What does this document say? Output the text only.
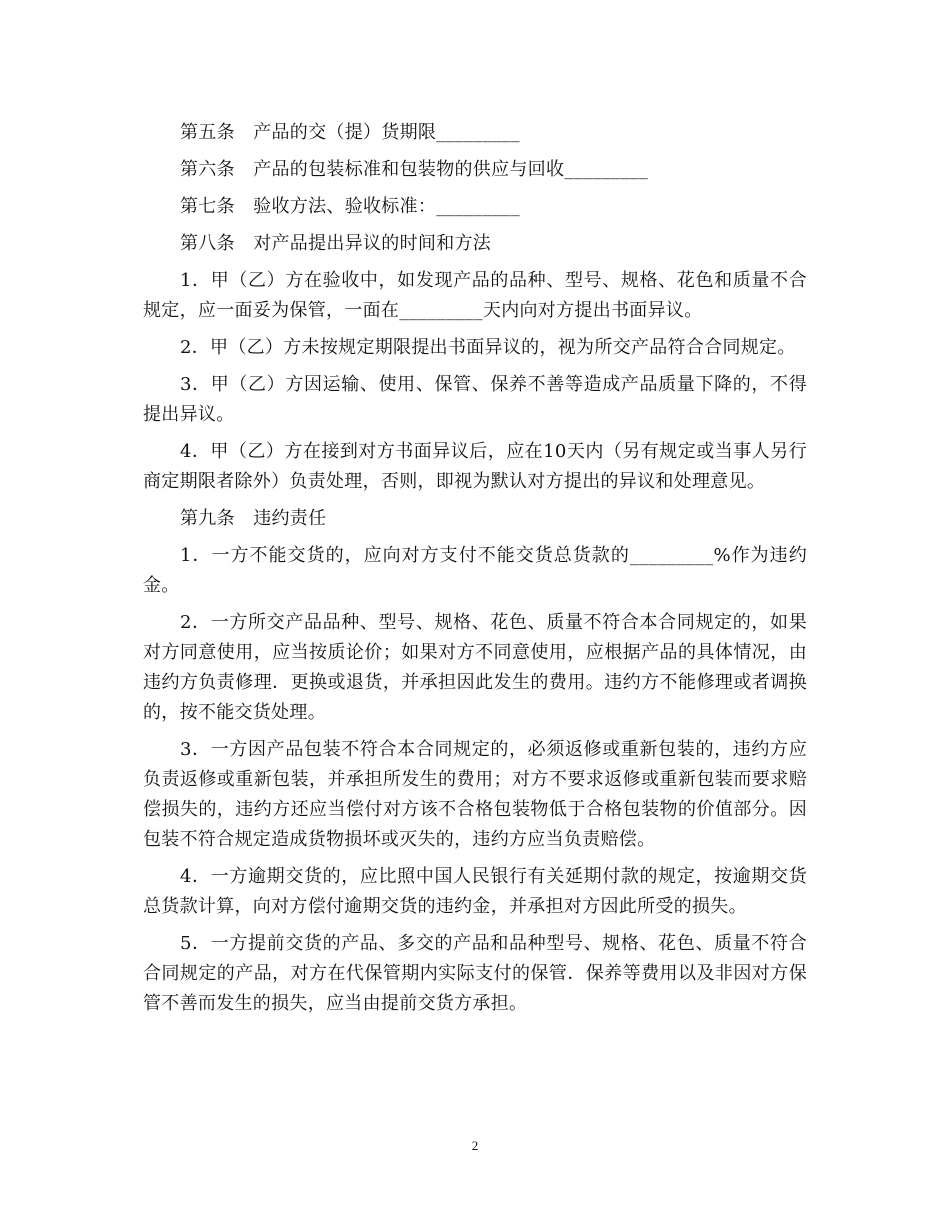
第五条　产品的交（提）货期限_________

第六条　产品的包装标准和包装物的供应与回收_________

第七条　验收方法、验收标准：_________

第八条　对产品提出异议的时间和方法

1．甲（乙）方在验收中，如发现产品的品种、型号、规格、花色和质量不合规定，应一面妥为保管，一面在_________天内向对方提出书面异议。

2．甲（乙）方未按规定期限提出书面异议的，视为所交产品符合合同规定。

3．甲（乙）方因运输、使用、保管、保养不善等造成产品质量下降的，不得提出异议。

4．甲（乙）方在接到对方书面异议后，应在10天内（另有规定或当事人另行商定期限者除外）负责处理，否则，即视为默认对方提出的异议和处理意见。

第九条　违约责任

1．一方不能交货的，应向对方支付不能交货总货款的_________%作为违约金。

2．一方所交产品品种、型号、规格、花色、质量不符合本合同规定的，如果对方同意使用，应当按质论价；如果对方不同意使用，应根据产品的具体情况，由违约方负责修理．更换或退货，并承担因此发生的费用。违约方不能修理或者调换的，按不能交货处理。

3．一方因产品包装不符合本合同规定的，必须返修或重新包装的，违约方应负责返修或重新包装，并承担所发生的费用；对方不要求返修或重新包装而要求赔偿损失的，违约方还应当偿付对方该不合格包装物低于合格包装物的价值部分。因包装不符合规定造成货物损坏或灭失的，违约方应当负责赔偿。

4．一方逾期交货的，应比照中国人民银行有关延期付款的规定，按逾期交货总货款计算，向对方偿付逾期交货的违约金，并承担对方因此所受的损失。

5．一方提前交货的产品、多交的产品和品种型号、规格、花色、质量不符合合同规定的产品，对方在代保管期内实际支付的保管．保养等费用以及非因对方保管不善而发生的损失，应当由提前交货方承担。

2
